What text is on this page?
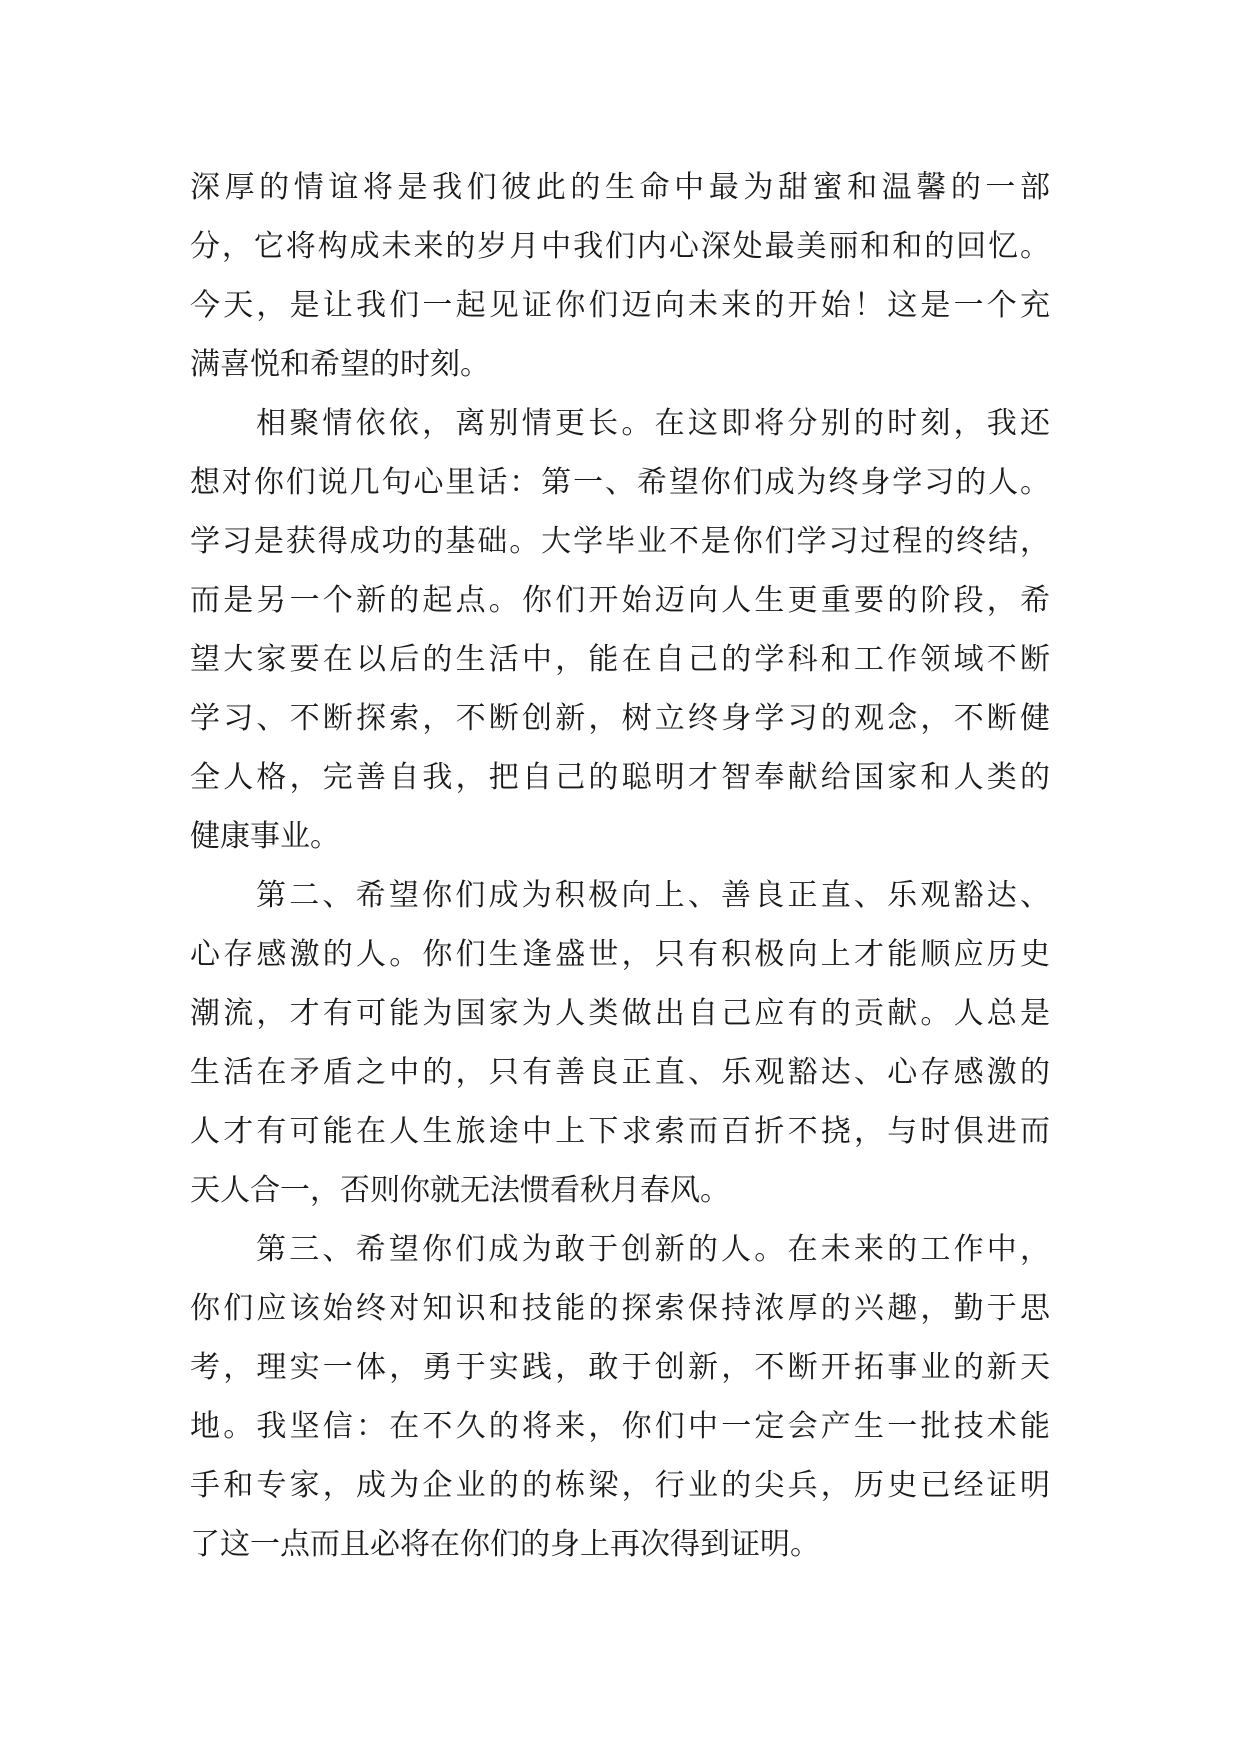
深厚的情谊将是我们彼此的生命中最为甜蜜和温馨的一部
分，它将构成未来的岁月中我们内心深处最美丽和和的回忆。
今天，是让我们一起见证你们迈向未来的开始！这是一个充
满喜悦和希望的时刻。
相聚情依依，离别情更长。在这即将分别的时刻，我还
想对你们说几句心里话：第一、希望你们成为终身学习的人。
学习是获得成功的基础。大学毕业不是你们学习过程的终结，
而是另一个新的起点。你们开始迈向人生更重要的阶段，希
望大家要在以后的生活中，能在自己的学科和工作领域不断
学习、不断探索，不断创新，树立终身学习的观念，不断健
全人格，完善自我，把自己的聪明才智奉献给国家和人类的
健康事业。
第二、希望你们成为积极向上、善良正直、乐观豁达、
心存感激的人。你们生逢盛世，只有积极向上才能顺应历史
潮流，才有可能为国家为人类做出自己应有的贡献。人总是
生活在矛盾之中的，只有善良正直、乐观豁达、心存感激的
人才有可能在人生旅途中上下求索而百折不挠，与时俱进而
天人合一，否则你就无法惯看秋月春风。
第三、希望你们成为敢于创新的人。在未来的工作中，
你们应该始终对知识和技能的探索保持浓厚的兴趣，勤于思
考，理实一体，勇于实践，敢于创新，不断开拓事业的新天
地。我坚信：在不久的将来，你们中一定会产生一批技术能
手和专家，成为企业的的栋梁，行业的尖兵，历史已经证明
了这一点而且必将在你们的身上再次得到证明。
